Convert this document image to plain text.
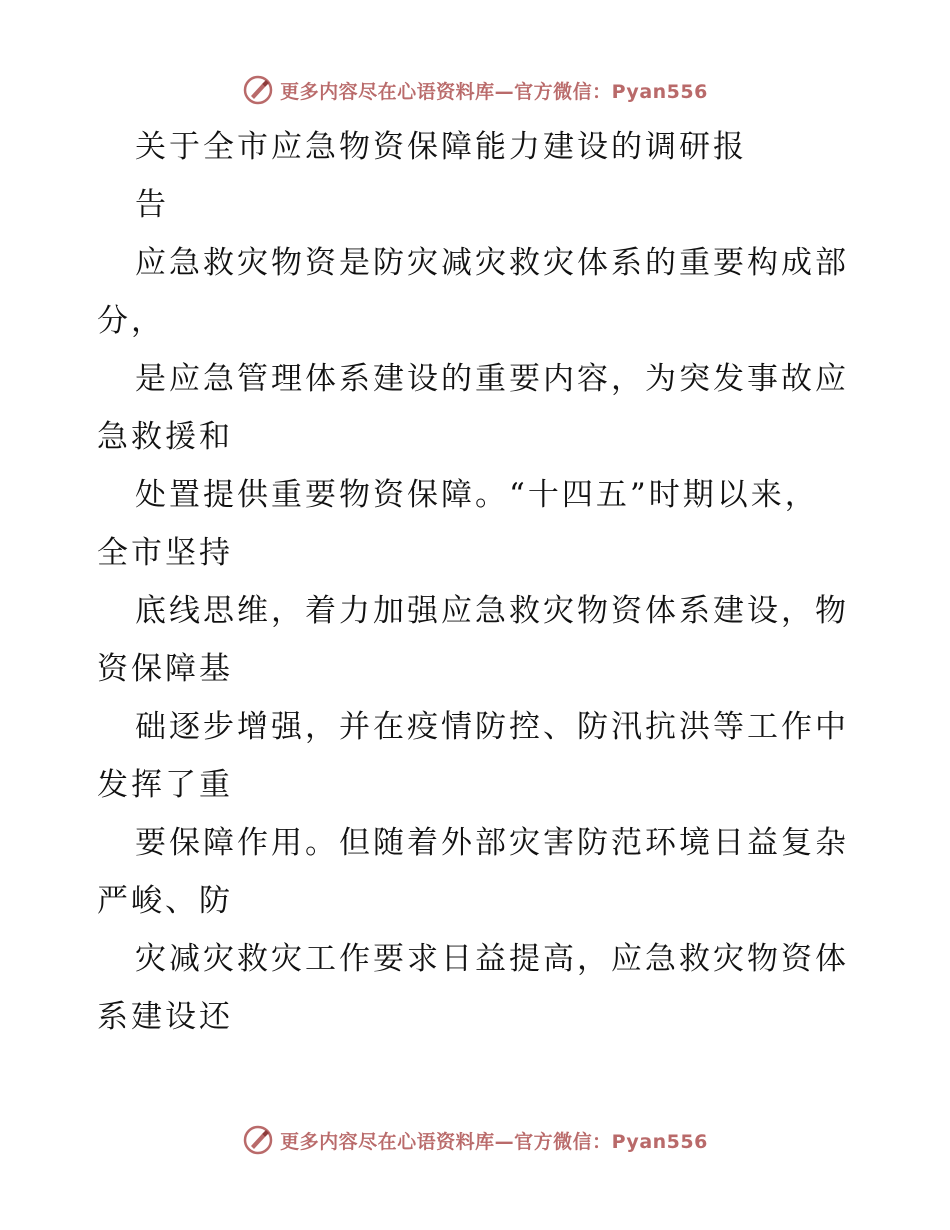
更多内容尽在心语资料库—官方微信：Pyan556
关于全市应急物资保障能力建设的调研报
告
应急救灾物资是防灾减灾救灾体系的重要构成部
分，
是应急管理体系建设的重要内容，为突发事故应
急救援和
处置提供重要物资保障。“十四五”时期以来，
全市坚持
底线思维，着力加强应急救灾物资体系建设，物
资保障基
础逐步增强，并在疫情防控、防汛抗洪等工作中
发挥了重
要保障作用。但随着外部灾害防范环境日益复杂
严峻、防
灾减灾救灾工作要求日益提高，应急救灾物资体
系建设还
更多内容尽在心语资料库—官方微信：Pyan556
